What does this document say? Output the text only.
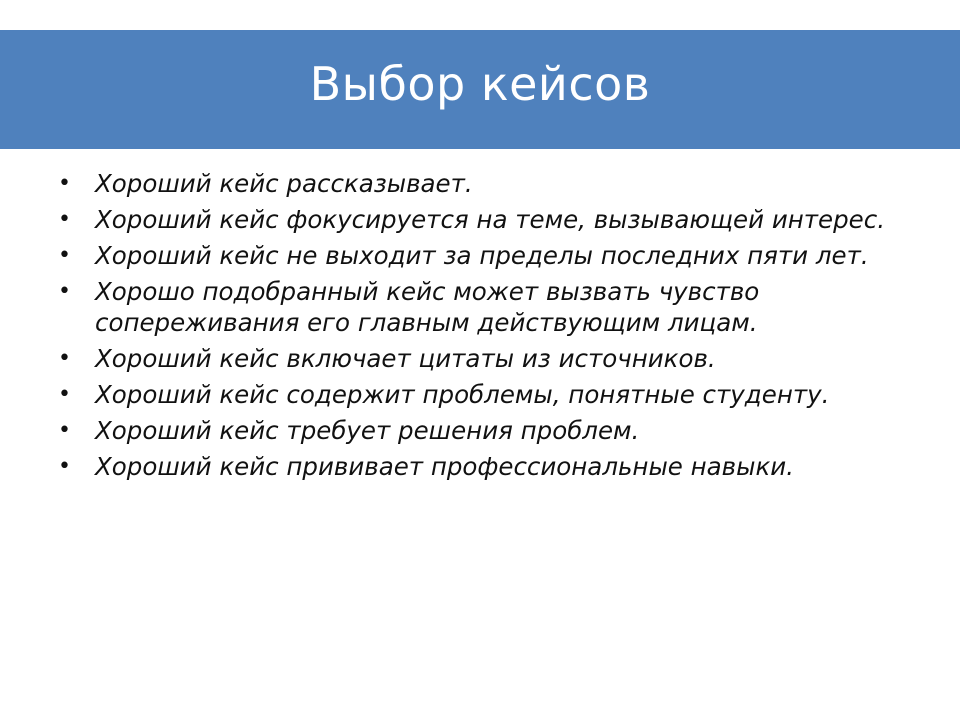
Выбор кейсов
• Хороший кейс рассказывает.
• Хороший кейс фокусируется на теме, вызывающей интерес.
• Хороший кейс не выходит за пределы последних пяти лет.
• Хорошо подобранный кейс может вызвать чувство сопереживания его главным действующим лицам.
• Хороший кейс включает цитаты из источников.
• Хороший кейс содержит проблемы, понятные студенту.
• Хороший кейс требует решения проблем.
• Хороший кейс прививает профессиональные навыки.
